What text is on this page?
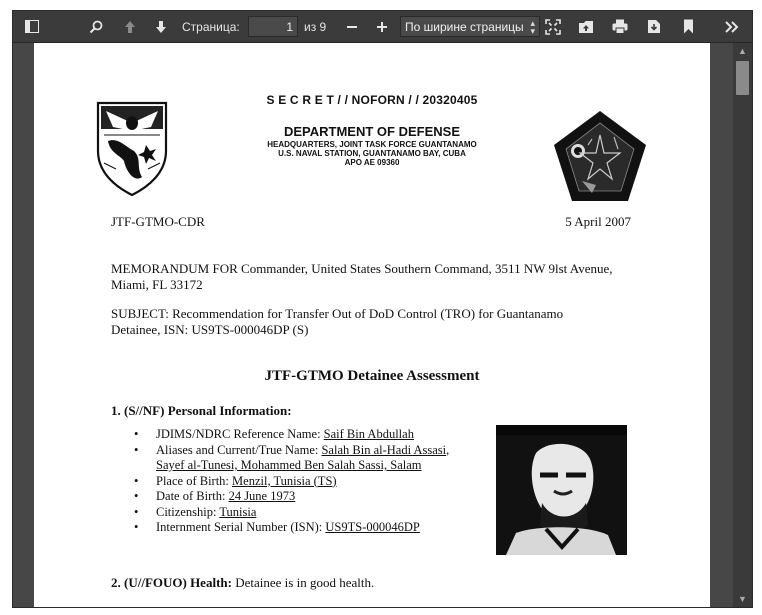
Страница:
1	из 9	По ширине страницы ▴
▾
S E C R E T / / NOFORN / / 20320405
DEPARTMENT OF DEFENSE
HEADQUARTERS, JOINT TASK FORCE GUANTANAMO
U.S. NAVAL STATION, GUANTANAMO BAY, CUBA
APO AE 09360
JTF-GTMO-CDR	5 April 2007
MEMORANDUM FOR Commander, United States Southern Command, 3511 NW 9lst Avenue,
Miami, FL 33172
SUBJECT: Recommendation for Transfer Out of DoD Control (TRO) for Guantanamo
Detainee, ISN: US9TS-000046DP (S)
JTF-GTMO Detainee Assessment
1. (S//NF) Personal Information:
• JDIMS/NDRC Reference Name: Saif Bin Abdullah
• Aliases and Current/True Name: Salah Bin al-Hadi Assasi,
Sayef al-Tunesi, Mohammed Ben Salah Sassi, Salam
• Place of Birth: Menzil, Tunisia (TS)
• Date of Birth: 24 June 1973
• Citizenship: Tunisia
• Internment Serial Number (ISN): US9TS-000046DP
2. (U//FOUO) Health: Detainee is in good health.
▲
▼
